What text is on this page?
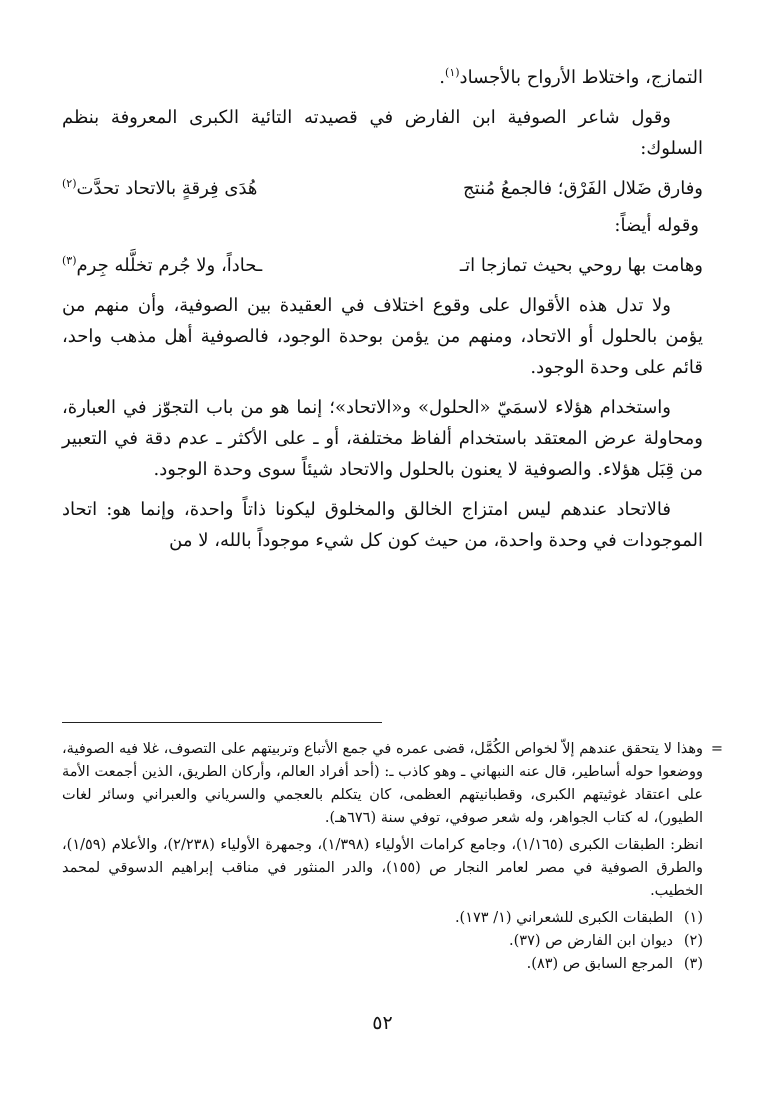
التمازج، واختلاط الأرواح بالأجساد$^{(١)}$.

وقول شاعر الصوفية ابن الفارض في قصيدته التائية الكبرى المعروفة بنظم السلوك:

وفارق ضَلال الفَرْق؛ فالجمعُ مُنتج
هُدَى فِرقةٍ بالاتحاد تحدَّت$^{(٢)}$

وقوله أيضاً:

وهامت بها روحي بحيث تمازجا اتـ
ـحاداً، ولا جُرم تخلَّله جِرم$^{(٣)}$

ولا تدل هذه الأقوال على وقوع اختلاف في العقيدة بين الصوفية، وأن منهم من يؤمن بالحلول أو الاتحاد، ومنهم من يؤمن بوحدة الوجود، فالصوفية أهل مذهب واحد، قائم على وحدة الوجود.

واستخدام هؤلاء لاسمَيّ «الحلول» و«الاتحاد»؛ إنما هو من باب التجوّز في العبارة، ومحاولة عرض المعتقد باستخدام ألفاظ مختلفة، أو ـ على الأكثر ـ عدم دقة في التعبير من قِبَل هؤلاء. والصوفية لا يعنون بالحلول والاتحاد شيئاً سوى وحدة الوجود.

فالاتحاد عندهم ليس امتزاج الخالق والمخلوق ليكونا ذاتاً واحدة، وإنما هو: اتحاد الموجودات في وحدة واحدة، من حيث كون كل شيء موجوداً بالله، لا من

=

وهذا لا يتحقق عندهم إلاّ لخواص الكُمَّل، قضى عمره في جمع الأتباع وتربيتهم على التصوف، غلا فيه الصوفية، ووضعوا حوله أساطير، قال عنه النبهاني ـ وهو كاذب ـ: (أحد أفراد العالم، وأركان الطريق، الذين أجمعت الأمة على اعتقاد غوثيتهم الكبرى، وقطبانيتهم العظمى، كان يتكلم بالعجمي والسرياني والعبراني وسائر لغات الطيور)، له كتاب الجواهر، وله شعر صوفي، توفي سنة (٦٧٦هـ).

انظر: الطبقات الكبرى (١/١٦٥)، وجامع كرامات الأولياء (١/٣٩٨)، وجمهرة الأولياء (٢/٢٣٨)، والأعلام (١/٥٩)، والطرق الصوفية في مصر لعامر النجار ص (١٥٥)، والدر المنثور في مناقب إبراهيم الدسوقي لمحمد الخطيب.

(١)
الطبقات الكبرى للشعراني (١/ ١٧٣).
(٢)
ديوان ابن الفارض ص (٣٧).
(٣)
المرجع السابق ص (٨٣).
٥٢
